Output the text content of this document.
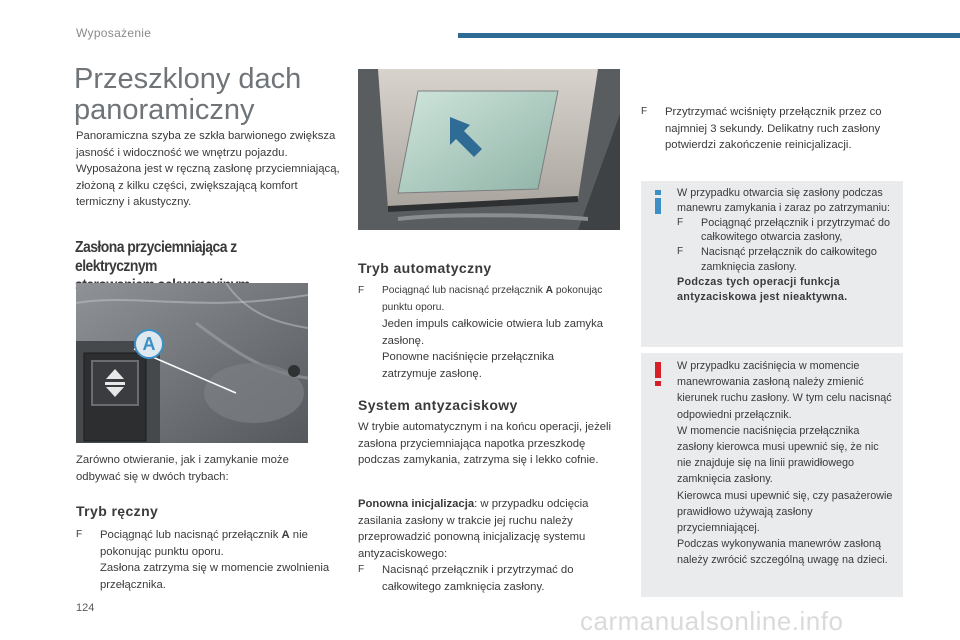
Wyposażenie
Przeszklony dach
panoramiczny

Panoramiczna szyba ze szkła barwionego zwiększa jasność i widoczność we wnętrzu pojazdu.

Wyposażona jest w ręczną zasłonę przyciemniającą, złożoną z kilku części, zwiększającą komfort termiczny i akustyczny.

Zasłona przyciemniająca z elektrycznym

A
Zarówno otwieranie, jak i zamykanie może odbywać się w dwóch trybach:
Tryb ręczny
F Pociągnąć lub nacisnąć przełącznik A nie pokonując punktu oporu.
Zasłona zatrzyma się w momencie zwolnienia przełącznika.
Tryb automatyczny
F Pociągnąć lub nacisnąć przełącznik A pokonując punktu oporu.
Jeden impuls całkowicie otwiera lub zamyka zasłonę.
Ponowne naciśnięcie przełącznika zatrzymuje zasłonę.
System antyzaciskowy
W trybie automatycznym i na końcu operacji, jeżeli zasłona przyciemniająca napotka przeszkodę podczas zamykania, zatrzyma się i lekko cofnie.
Ponowna inicjalizacja: w przypadku odcięcia zasilania zasłony w trakcie jej ruchu należy przeprowadzić ponowną inicjalizację systemu antyzaciskowego:
F Nacisnąć przełącznik i przytrzymać do całkowitego zamknięcia zasłony.
F Przytrzymać wciśnięty przełącznik przez co najmniej 3 sekundy. Delikatny ruch zasłony potwierdzi zakończenie reinicjalizacji.

W przypadku otwarcia się zasłony podczas manewru zamykania i zaraz po zatrzymaniu:

F Pociągnąć przełącznik i przytrzymać do całkowitego otwarcia zasłony,
F Nacisnąć przełącznik do całkowitego zamknięcia zasłony.
Podczas tych operacji funkcja antyzaciskowa jest nieaktywna.

W przypadku zaciśnięcia w momencie manewrowania zasłoną należy zmienić kierunek ruchu zasłony. W tym celu nacisnąć odpowiedni przełącznik.

W momencie naciśnięcia przełącznika zasłony kierowca musi upewnić się, że nic nie znajduje się na linii prawidłowego zamknięcia zasłony.

Kierowca musi upewnić się, czy pasażerowie prawidłowo używają zasłony przyciemniającej.

Podczas wykonywania manewrów zasłoną należy zwrócić szczególną uwagę na dzieci.

124	carmanualsonline.info
